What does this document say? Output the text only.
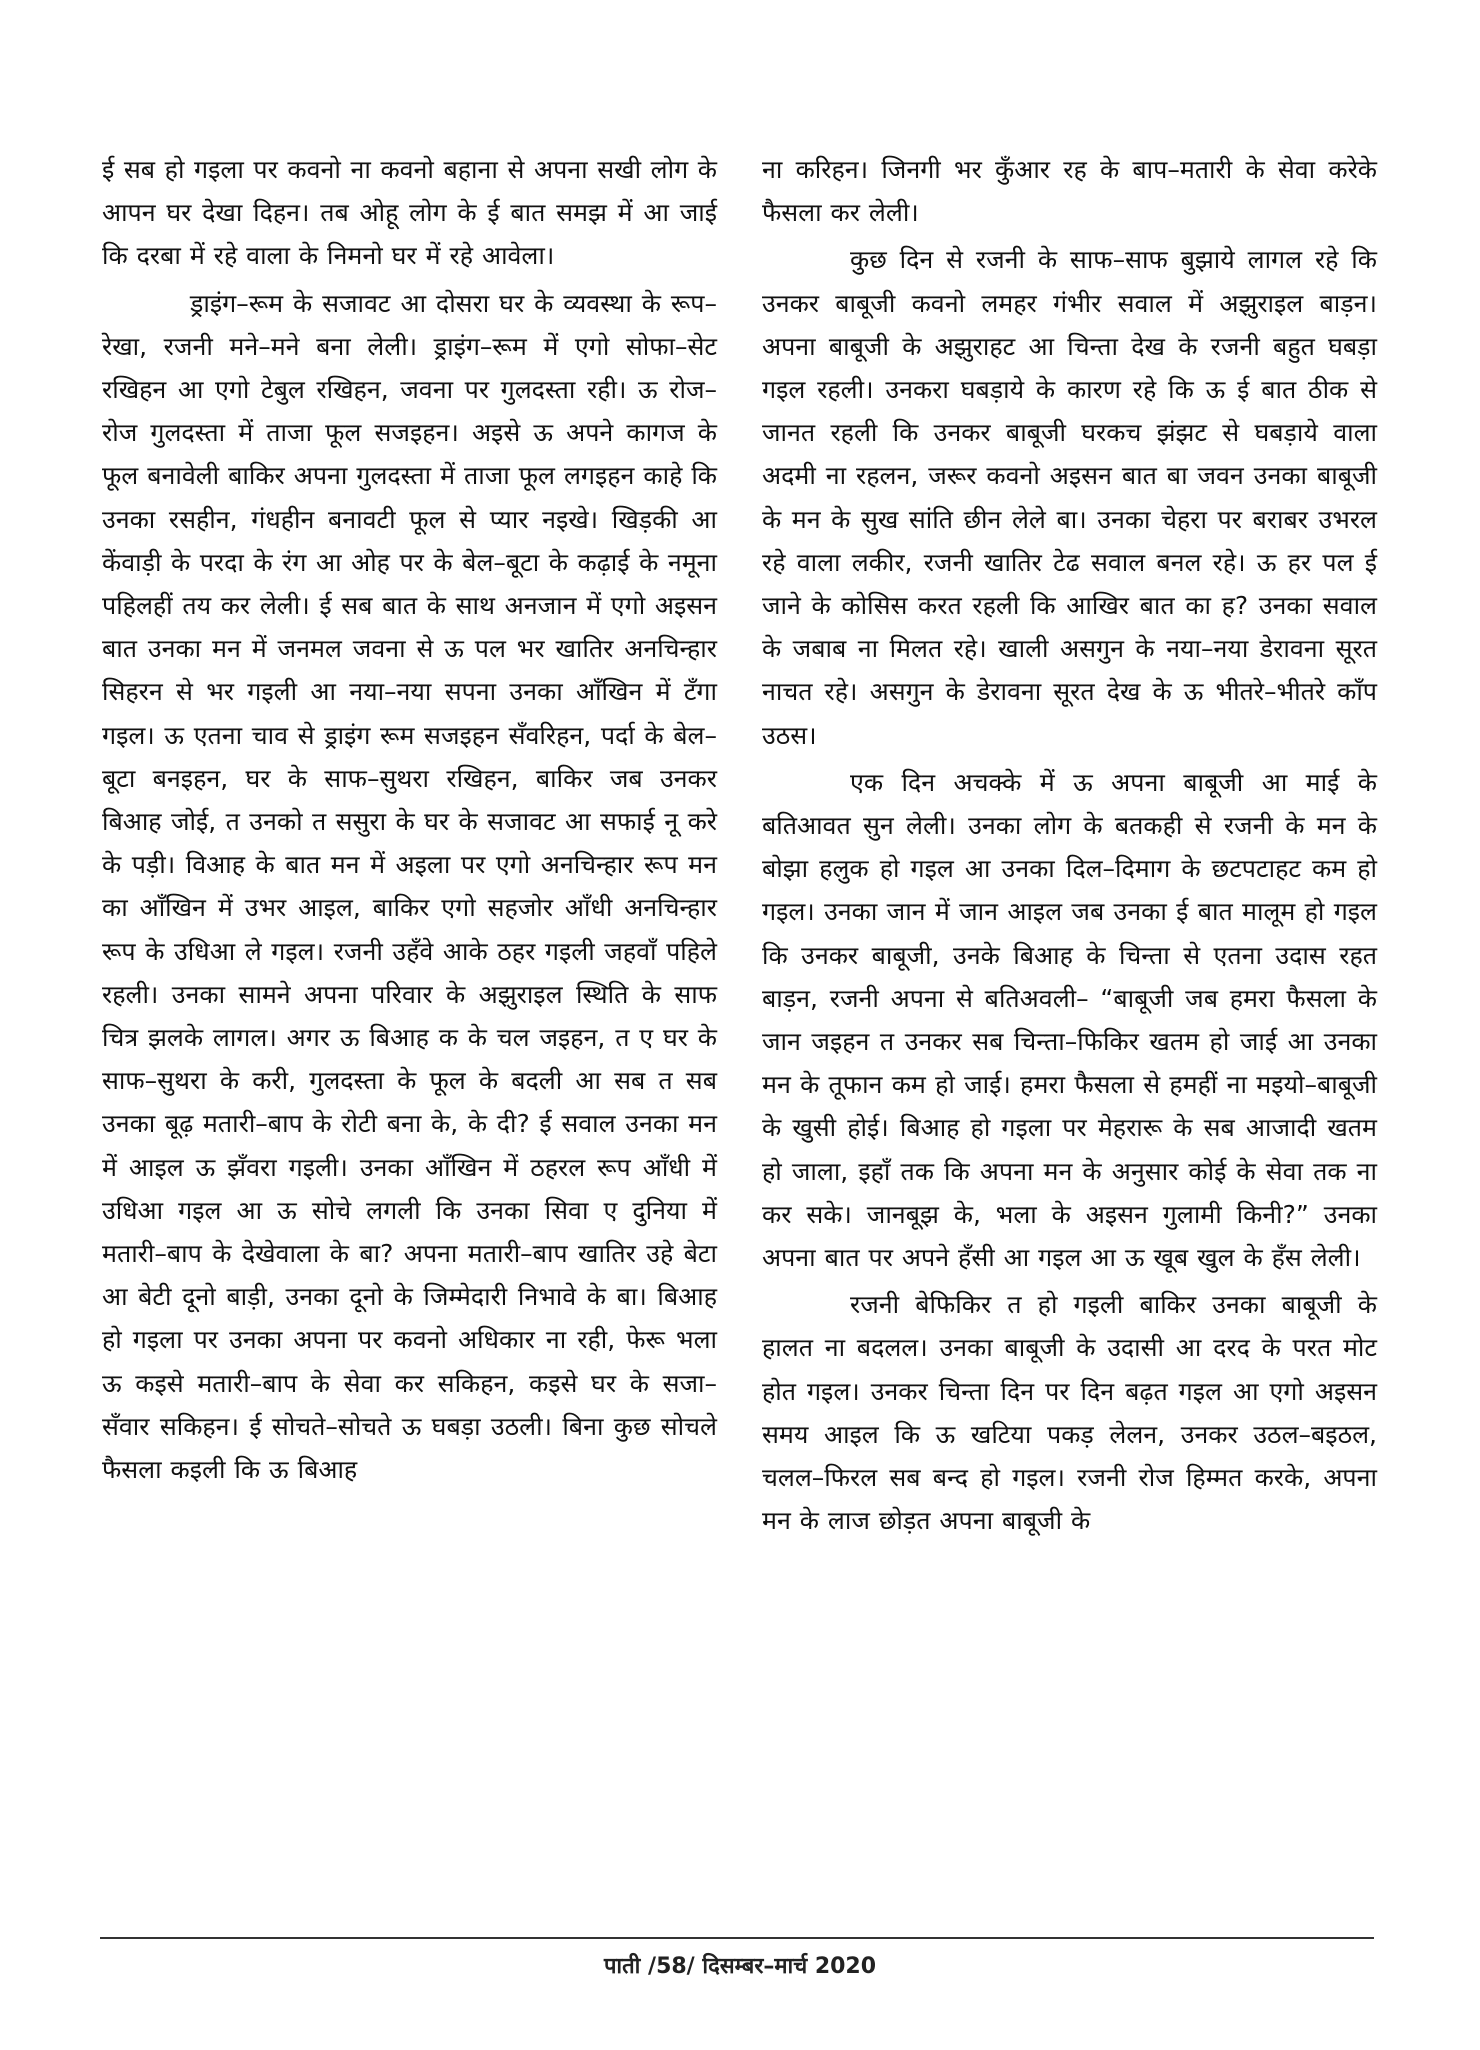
ई सब हो गइला पर कवनो ना कवनो बहाना से अपना सखी लोग के आपन घर देखा दिहन। तब ओहू लोग के ई बात समझ में आ जाई कि दरबा में रहे वाला के निमनो घर में रहे आवेला।

ड्राइंग–रूम के सजावट आ दोसरा घर के व्यवस्था के रूप–रेखा, रजनी मने–मने बना लेली। ड्राइंग–रूम में एगो सोफा–सेट रखिहन आ एगो टेबुल रखिहन, जवना पर गुलदस्ता रही। ऊ रोज–रोज गुलदस्ता में ताजा फूल सजइहन। अइसे ऊ अपने कागज के फूल बनावेली बाकिर अपना गुलदस्ता में ताजा फूल लगइहन काहे कि उनका रसहीन, गंधहीन बनावटी फूल से प्यार नइखे। खिड़की आ केंवाड़ी के परदा के रंग आ ओह पर के बेल–बूटा के कढ़ाई के नमूना पहिलहीं तय कर लेली। ई सब बात के साथ अनजान में एगो अइसन बात उनका मन में जनमल जवना से ऊ पल भर खातिर अनचिन्हार सिहरन से भर गइली आ नया–नया सपना उनका आँखिन में टँगा गइल। ऊ एतना चाव से ड्राइंग रूम सजइहन सँवरिहन, पर्दा के बेल–बूटा बनइहन, घर के साफ–सुथरा रखिहन, बाकिर जब उनकर बिआह जोई, त उनको त ससुरा के घर के सजावट आ सफाई नू करे के पड़ी। विआह के बात मन में अइला पर एगो अनचिन्हार रूप मन का आँखिन में उभर आइल, बाकिर एगो सहजोर आँधी अनचिन्हार रूप के उधिआ ले गइल। रजनी उहँवे आके ठहर गइली जहवाँ पहिले रहली। उनका सामने अपना परिवार के अझुराइल स्थिति के साफ चित्र झलके लागल। अगर ऊ बिआह क के चल जइहन, त ए घर के साफ–सुथरा के करी, गुलदस्ता के फूल के बदली आ सब त सब उनका बूढ़ मतारी–बाप के रोटी बना के, के दी? ई सवाल उनका मन में आइल ऊ झँवरा गइली। उनका आँखिन में ठहरल रूप आँधी में उधिआ गइल आ ऊ सोचे लगली कि उनका सिवा ए दुनिया में मतारी–बाप के देखेवाला के बा? अपना मतारी–बाप खातिर उहे बेटा आ बेटी दूनो बाड़ी, उनका दूनो के जिम्मेदारी निभावे के बा। बिआह हो गइला पर उनका अपना पर कवनो अधिकार ना रही, फेरू भला ऊ कइसे मतारी–बाप के सेवा कर सकिहन, कइसे घर के सजा–सँवार सकिहन। ई सोचते–सोचते ऊ घबड़ा उठली। बिना कुछ सोचले फैसला कइली कि ऊ बिआह

ना करिहन। जिनगी भर कुँआर रह के बाप–मतारी के सेवा करेके फैसला कर लेली।

कुछ दिन से रजनी के साफ–साफ बुझाये लागल रहे कि उनकर बाबूजी कवनो लमहर गंभीर सवाल में अझुराइल बाड़न। अपना बाबूजी के अझुराहट आ चिन्ता देख के रजनी बहुत घबड़ा गइल रहली। उनकरा घबड़ाये के कारण रहे कि ऊ ई बात ठीक से जानत रहली कि उनकर बाबूजी घरकच झंझट से घबड़ाये वाला अदमी ना रहलन, जरूर कवनो अइसन बात बा जवन उनका बाबूजी के मन के सुख सांति छीन लेले बा। उनका चेहरा पर बराबर उभरल रहे वाला लकीर, रजनी खातिर टेढ सवाल बनल रहे। ऊ हर पल ई जाने के कोसिस करत रहली कि आखिर बात का ह? उनका सवाल के जबाब ना मिलत रहे। खाली असगुन के नया–नया डेरावना सूरत नाचत रहे। असगुन के डेरावना सूरत देख के ऊ भीतरे–भीतरे काँप उठस।

एक दिन अचक्के में ऊ अपना बाबूजी आ माई के बतिआवत सुन लेली। उनका लोग के बतकही से रजनी के मन के बोझा हलुक हो गइल आ उनका दिल–दिमाग के छटपटाहट कम हो गइल। उनका जान में जान आइल जब उनका ई बात मालूम हो गइल कि उनकर बाबूजी, उनके बिआह के चिन्ता से एतना उदास रहत बाड़न, रजनी अपना से बतिअवली– “बाबूजी जब हमरा फैसला के जान जइहन त उनकर सब चिन्ता–फिकिर खतम हो जाई आ उनका मन के तूफान कम हो जाई। हमरा फैसला से हमहीं ना मइयो–बाबूजी के खुसी होई। बिआह हो गइला पर मेहरारू के सब आजादी खतम हो जाला, इहाँ तक कि अपना मन के अनुसार कोई के सेवा तक ना कर सके। जानबूझ के, भला के अइसन गुलामी किनी?” उनका अपना बात पर अपने हँसी आ गइल आ ऊ खूब खुल के हँस लेली।

रजनी बेफिकिर त हो गइली बाकिर उनका बाबूजी के हालत ना बदलल। उनका बाबूजी के उदासी आ दरद के परत मोट होत गइल। उनकर चिन्ता दिन पर दिन बढ़त गइल आ एगो अइसन समय आइल कि ऊ खटिया पकड़ लेलन, उनकर उठल–बइठल, चलल–फिरल सब बन्द हो गइल। रजनी रोज हिम्मत करके, अपना मन के लाज छोड़त अपना बाबूजी के

पाती /58/ दिसम्बर–मार्च 2020
